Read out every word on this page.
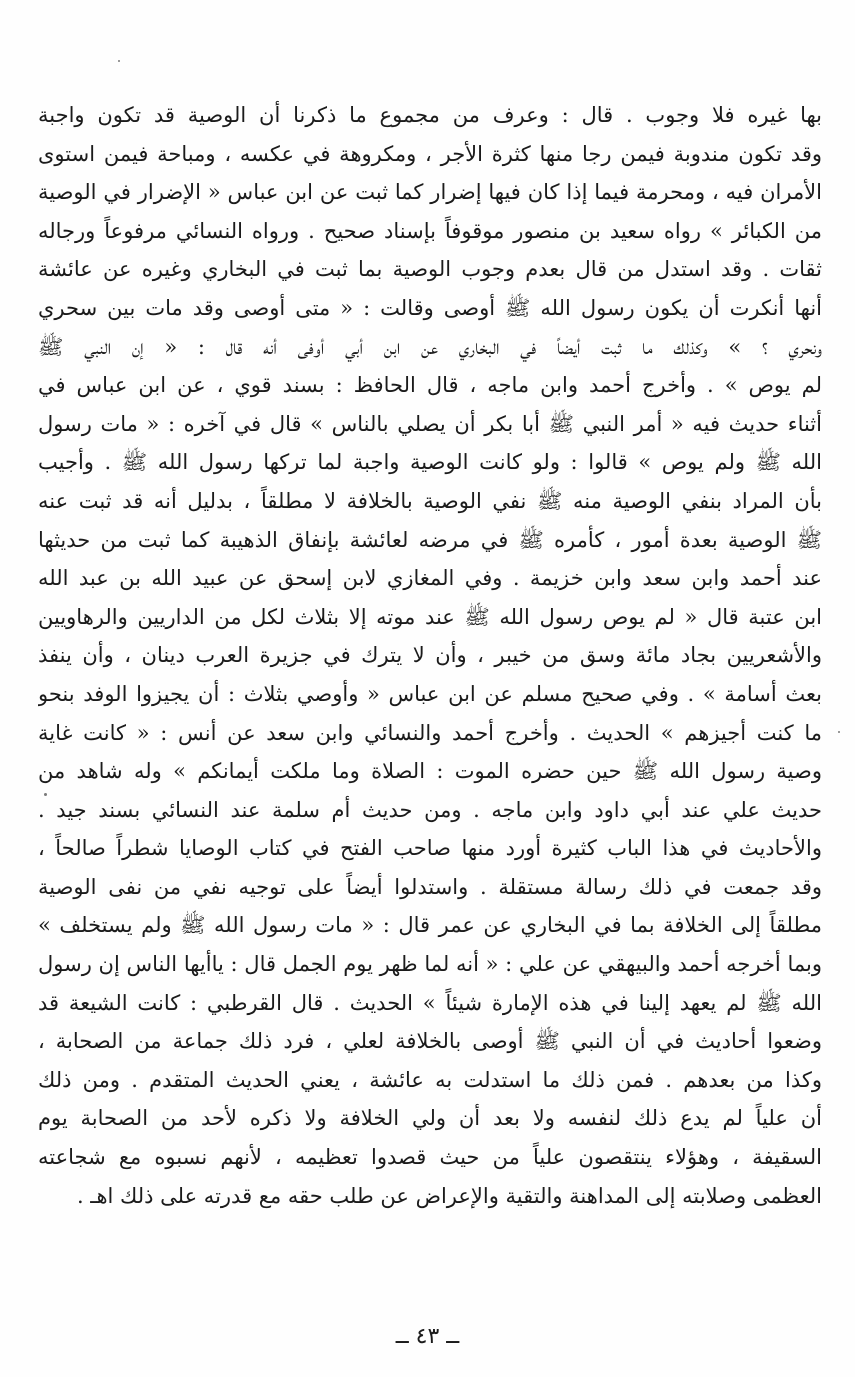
بها غيره فلا وجوب . قال : وعرف من مجموع ما ذكرنا أن الوصية قد تكون واجبة
وقد تكون مندوبة فيمن رجا منها كثرة الأجر ، ومكروهة في عكسه ، ومباحة فيمن استوى
الأمران فيه ، ومحرمة فيما إذا كان فيها إضرار كما ثبت عن ابن عباس « الإضرار في الوصية
من الكبائر » رواه سعيد بن منصور موقوفاً بإسناد صحيح . ورواه النسائي مرفوعاً ورجاله
ثقات . وقد استدل من قال بعدم وجوب الوصية بما ثبت في البخاري وغيره عن عائشة
أنها أنكرت أن يكون رسول الله ﷺ أوصى وقالت : « متى أوصى وقد مات بين سحري
ونحري ؟ » وكذلك ما ثبت أيضاً في البخاري عن ابن أبي أوفى أنه قال : « إن النبي ﷺ
لم يوص » . وأخرج أحمد وابن ماجه ، قال الحافظ : بسند قوي ، عن ابن عباس في
أثناء حديث فيه « أمر النبي ﷺ أبا بكر أن يصلي بالناس » قال في آخره : « مات رسول
الله ﷺ ولم يوص » قالوا : ولو كانت الوصية واجبة لما تركها رسول الله ﷺ . وأجيب
بأن المراد بنفي الوصية منه ﷺ نفي الوصية بالخلافة لا مطلقاً ، بدليل أنه قد ثبت عنه
ﷺ الوصية بعدة أمور ، كأمره ﷺ في مرضه لعائشة بإنفاق الذهيبة كما ثبت من حديثها
عند أحمد وابن سعد وابن خزيمة . وفي المغازي لابن إسحق عن عبيد الله بن عبد الله
ابن عتبة قال « لم يوص رسول الله ﷺ عند موته إلا بثلاث لكل من الداريين والرهاويين
والأشعريين بجاد مائة وسق من خيبر ، وأن لا يترك في جزيرة العرب دينان ، وأن ينفذ
بعث أسامة » . وفي صحيح مسلم عن ابن عباس « وأوصي بثلاث : أن يجيزوا الوفد بنحو
ما كنت أجيزهم » الحديث . وأخرج أحمد والنسائي وابن سعد عن أنس : « كانت غاية
وصية رسول الله ﷺ حين حضره الموت : الصلاة وما ملكت أيمانكم » وله شاهد من
حديث علي عند أبي داود وابن ماجه . ومن حديث أم سلمة عند النسائي بسند جيد .
والأحاديث في هذا الباب كثيرة أورد منها صاحب الفتح في كتاب الوصايا شطراً صالحاً ،
وقد جمعت في ذلك رسالة مستقلة . واستدلوا أيضاً على توجيه نفي من نفى الوصية
مطلقاً إلى الخلافة بما في البخاري عن عمر قال : « مات رسول الله ﷺ ولم يستخلف »
وبما أخرجه أحمد والبيهقي عن علي : « أنه لما ظهر يوم الجمل قال : ياأيها الناس إن رسول
الله ﷺ لم يعهد إلينا في هذه الإمارة شيئاً » الحديث . قال القرطبي : كانت الشيعة قد
وضعوا أحاديث في أن النبي ﷺ أوصى بالخلافة لعلي ، فرد ذلك جماعة من الصحابة ،
وكذا من بعدهم . فمن ذلك ما استدلت به عائشة ، يعني الحديث المتقدم . ومن ذلك
أن علياً لم يدع ذلك لنفسه ولا بعد أن ولي الخلافة ولا ذكره لأحد من الصحابة يوم
السقيفة ، وهؤلاء ينتقصون علياً من حيث قصدوا تعظيمه ، لأنهم نسبوه مع شجاعته
العظمى وصلابته إلى المداهنة والتقية والإعراض عن طلب حقه مع قدرته على ذلك اهـ .
ــ ٤٣ ــ
